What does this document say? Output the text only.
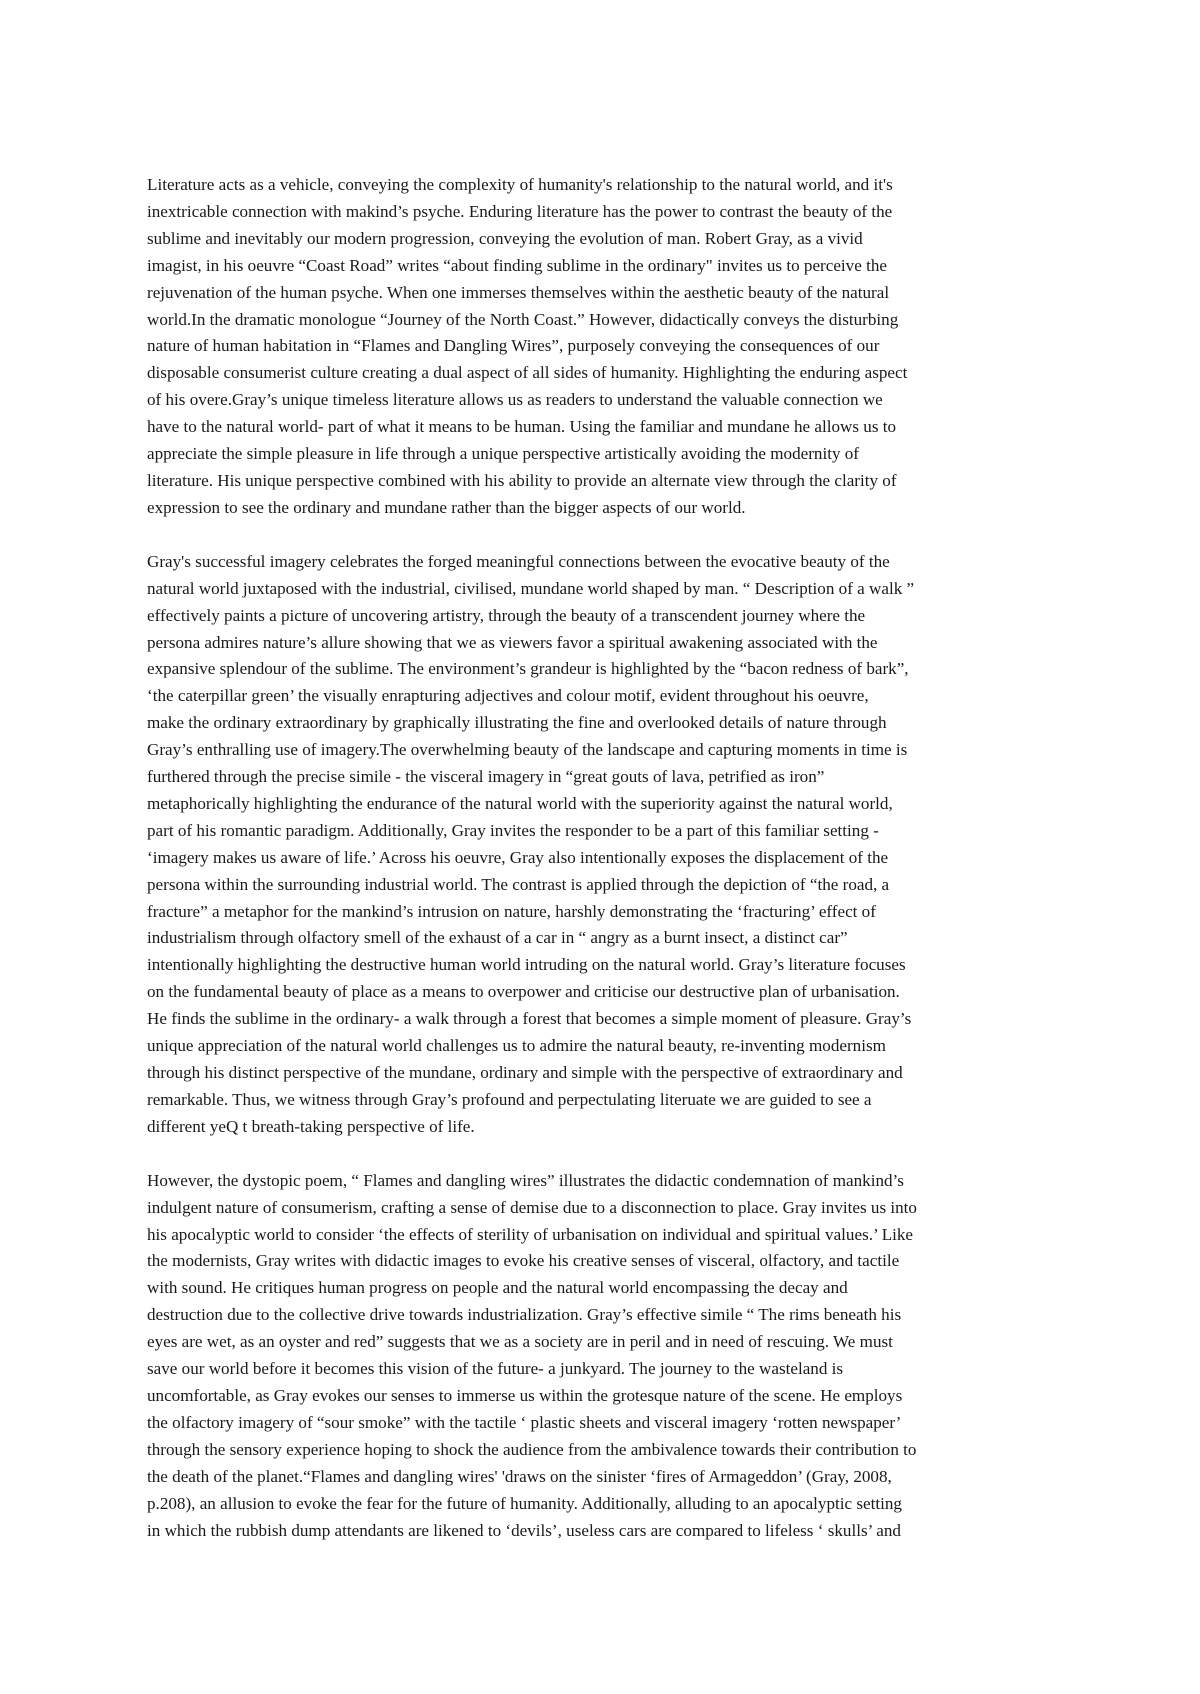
Literature acts as a vehicle, conveying the complexity of humanity's relationship to the natural world, and it's
inextricable connection with makind’s psyche. Enduring literature has the power to contrast the beauty of the
sublime and inevitably our modern progression, conveying the evolution of man. Robert Gray, as a vivid
imagist, in his oeuvre “Coast Road” writes “about finding sublime in the ordinary" invites us to perceive the
rejuvenation of the human psyche. When one immerses themselves within the aesthetic beauty of the natural
world.In the dramatic monologue “Journey of the North Coast.” However, didactically conveys the disturbing
nature of human habitation in “Flames and Dangling Wires”, purposely conveying the consequences of our
disposable consumerist culture creating a dual aspect of all sides of humanity. Highlighting the enduring aspect
of his overe.Gray’s unique timeless literature allows us as readers to understand the valuable connection we
have to the natural world- part of what it means to be human. Using the familiar and mundane he allows us to
appreciate the simple pleasure in life through a unique perspective artistically avoiding the modernity of
literature. His unique perspective combined with his ability to provide an alternate view through the clarity of
expression to see the ordinary and mundane rather than the bigger aspects of our world.

Gray's successful imagery celebrates the forged meaningful connections between the evocative beauty of the
natural world juxtaposed with the industrial, civilised, mundane world shaped by man. “ Description of a walk ”
effectively paints a picture of uncovering artistry, through the beauty of a transcendent journey where the
persona admires nature’s allure showing that we as viewers favor a spiritual awakening associated with the
expansive splendour of the sublime. The environment’s grandeur is highlighted by the “bacon redness of bark”,
‘the caterpillar green’ the visually enrapturing adjectives and colour motif, evident throughout his oeuvre,
make the ordinary extraordinary by graphically illustrating the fine and overlooked details of nature through
Gray’s enthralling use of imagery.The overwhelming beauty of the landscape and capturing moments in time is
furthered through the precise simile - the visceral imagery in “great gouts of lava, petrified as iron”
metaphorically highlighting the endurance of the natural world with the superiority against the natural world,
part of his romantic paradigm. Additionally, Gray invites the responder to be a part of this familiar setting -
‘imagery makes us aware of life.’ Across his oeuvre, Gray also intentionally exposes the displacement of the
persona within the surrounding industrial world. The contrast is applied through the depiction of “the road, a
fracture” a metaphor for the mankind’s intrusion on nature, harshly demonstrating the ‘fracturing’ effect of
industrialism through olfactory smell of the exhaust of a car in “ angry as a burnt insect, a distinct car”
intentionally highlighting the destructive human world intruding on the natural world. Gray’s literature focuses
on the fundamental beauty of place as a means to overpower and criticise our destructive plan of urbanisation.
He finds the sublime in the ordinary- a walk through a forest that becomes a simple moment of pleasure. Gray’s
unique appreciation of the natural world challenges us to admire the natural beauty, re-inventing modernism
through his distinct perspective of the mundane, ordinary and simple with the perspective of extraordinary and
remarkable. Thus, we witness through Gray’s profound and perpectulating literuate we are guided to see a
different yeQ t breath-taking perspective of life.

However, the dystopic poem, “ Flames and dangling wires” illustrates the didactic condemnation of mankind’s
indulgent nature of consumerism, crafting a sense of demise due to a disconnection to place. Gray invites us into
his apocalyptic world to consider ‘the effects of sterility of urbanisation on individual and spiritual values.’ Like
the modernists, Gray writes with didactic images to evoke his creative senses of visceral, olfactory, and tactile
with sound. He critiques human progress on people and the natural world encompassing the decay and
destruction due to the collective drive towards industrialization. Gray’s effective simile “ The rims beneath his
eyes are wet, as an oyster and red” suggests that we as a society are in peril and in need of rescuing. We must
save our world before it becomes this vision of the future- a junkyard. The journey to the wasteland is
uncomfortable, as Gray evokes our senses to immerse us within the grotesque nature of the scene. He employs
the olfactory imagery of “sour smoke” with the tactile ‘ plastic sheets and visceral imagery ‘rotten newspaper’
through the sensory experience hoping to shock the audience from the ambivalence towards their contribution to
the death of the planet.“Flames and dangling wires' 'draws on the sinister ‘fires of Armageddon’ (Gray, 2008,
p.208), an allusion to evoke the fear for the future of humanity. Additionally, alluding to an apocalyptic setting
in which the rubbish dump attendants are likened to ‘devils’, useless cars are compared to lifeless ‘ skulls’ and
